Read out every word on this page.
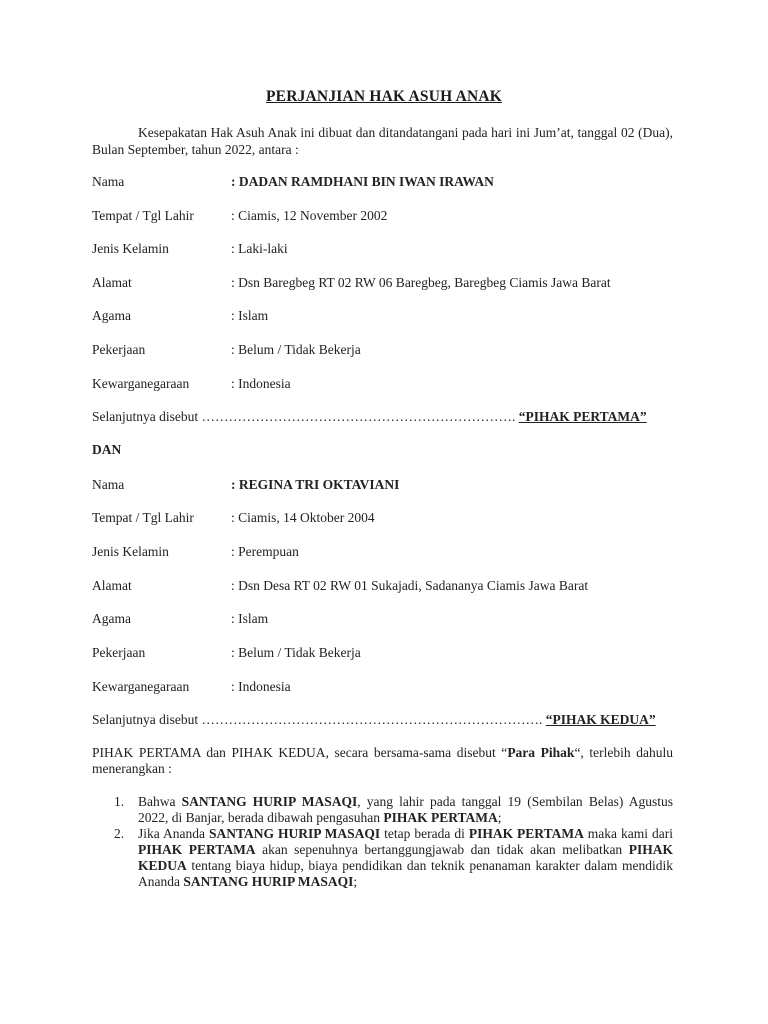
PERJANJIAN HAK ASUH ANAK
Kesepakatan Hak Asuh Anak ini dibuat dan ditandatangani pada hari ini Jum’at, tanggal 02 (Dua), Bulan September, tahun 2022, antara :
Nama	: DADAN RAMDHANI BIN IWAN IRAWAN
Tempat / Tgl Lahir	: Ciamis, 12 November 2002
Jenis Kelamin	: Laki-laki
Alamat	: Dsn Baregbeg RT 02 RW 06 Baregbeg, Baregbeg Ciamis Jawa Barat
Agama	: Islam
Pekerjaan	: Belum / Tidak Bekerja
Kewarganegaraan	: Indonesia
Selanjutnya disebut ……………………………………………………………. “PIHAK PERTAMA”
DAN
Nama	: REGINA TRI OKTAVIANI
Tempat / Tgl Lahir	: Ciamis, 14 Oktober 2004
Jenis Kelamin	: Perempuan
Alamat	: Dsn Desa RT 02 RW 01 Sukajadi, Sadananya Ciamis Jawa Barat
Agama	: Islam
Pekerjaan	: Belum / Tidak Bekerja
Kewarganegaraan	: Indonesia
Selanjutnya disebut …………………………………………………………………. “PIHAK KEDUA”
PIHAK PERTAMA dan PIHAK KEDUA, secara bersama-sama disebut “Para Pihak“, terlebih dahulu menerangkan :
1. Bahwa SANTANG HURIP MASAQI, yang lahir pada tanggal 19 (Sembilan Belas) Agustus 2022, di Banjar, berada dibawah pengasuhan PIHAK PERTAMA;
2. Jika Ananda SANTANG HURIP MASAQI tetap berada di PIHAK PERTAMA maka kami dari PIHAK PERTAMA akan sepenuhnya bertanggungjawab dan tidak akan melibatkan PIHAK KEDUA tentang biaya hidup, biaya pendidikan dan teknik penanaman karakter dalam mendidik Ananda SANTANG HURIP MASAQI;
